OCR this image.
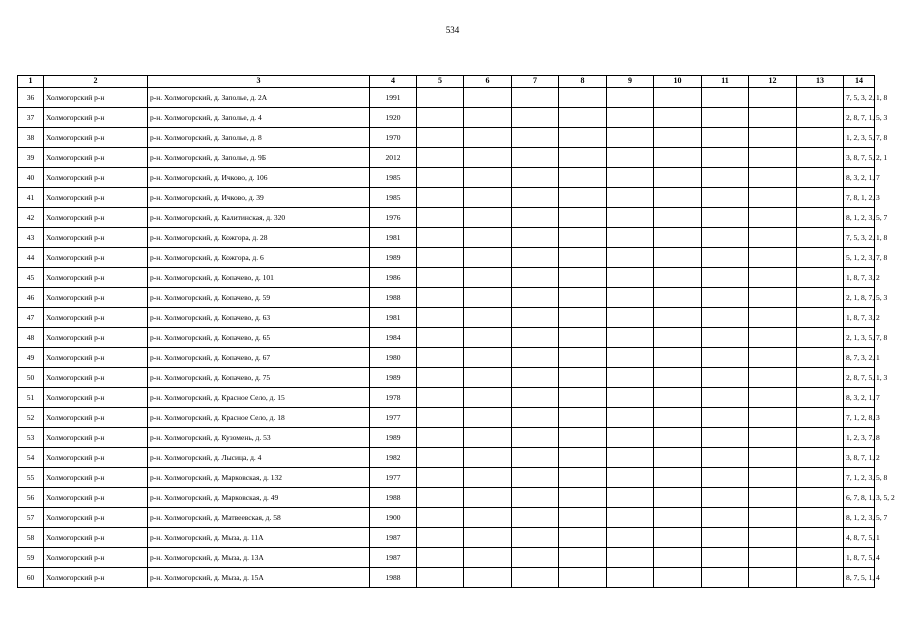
534
1	2	3	4	5	6	7	8	9	10	11	12	13	14
36	Холмогорский р-н	р-н. Холмогорский, д. Заполье, д. 2А	1991										7, 5, 3, 2, 1, 8
37	Холмогорский р-н	р-н. Холмогорский, д. Заполье, д. 4	1920										2, 8, 7, 1, 5, 3
38	Холмогорский р-н	р-н. Холмогорский, д. Заполье, д. 8	1970										1, 2, 3, 5, 7, 8
39	Холмогорский р-н	р-н. Холмогорский, д. Заполье, д. 9Б	2012										3, 8, 7, 5, 2, 1
40	Холмогорский р-н	р-н. Холмогорский, д. Ичково, д. 106	1985										8, 3, 2, 1, 7
41	Холмогорский р-н	р-н. Холмогорский, д. Ичково, д. 39	1985										7, 8, 1, 2, 3
42	Холмогорский р-н	р-н. Холмогорский, д. Калитинская, д. 320	1976										8, 1, 2, 3, 5, 7
43	Холмогорский р-н	р-н. Холмогорский, д. Кожгора, д. 28	1981										7, 5, 3, 2, 1, 8
44	Холмогорский р-н	р-н. Холмогорский, д. Кожгора, д. 6	1989										5, 1, 2, 3, 7, 8
45	Холмогорский р-н	р-н. Холмогорский, д. Копачево, д. 101	1986										1, 8, 7, 3, 2
46	Холмогорский р-н	р-н. Холмогорский, д. Копачево, д. 59	1988										2, 1, 8, 7, 5, 3
47	Холмогорский р-н	р-н. Холмогорский, д. Копачево, д. 63	1981										1, 8, 7, 3, 2
48	Холмогорский р-н	р-н. Холмогорский, д. Копачево, д. 65	1984										2, 1, 3, 5, 7, 8
49	Холмогорский р-н	р-н. Холмогорский, д. Копачево, д. 67	1980										8, 7, 3, 2, 1
50	Холмогорский р-н	р-н. Холмогорский, д. Копачево, д. 75	1989										2, 8, 7, 5, 1, 3
51	Холмогорский р-н	р-н. Холмогорский, д. Красное Село, д. 15	1978										8, 3, 2, 1, 7
52	Холмогорский р-н	р-н. Холмогорский, д. Красное Село, д. 18	1977										7, 1, 2, 8, 3
53	Холмогорский р-н	р-н. Холмогорский, д. Кузомень, д. 53	1989										1, 2, 3, 7, 8
54	Холмогорский р-н	р-н. Холмогорский, д. Лысица, д. 4	1982										3, 8, 7, 1, 2
55	Холмогорский р-н	р-н. Холмогорский, д. Марковская, д. 132	1977										7, 1, 2, 3, 5, 8
56	Холмогорский р-н	р-н. Холмогорский, д. Марковская, д. 49	1988										6, 7, 8, 1, 3, 5, 2
57	Холмогорский р-н	р-н. Холмогорский, д. Матвеевская, д. 58	1900										8, 1, 2, 3, 5, 7
58	Холмогорский р-н	р-н. Холмогорский, д. Мыза, д. 11А	1987										4, 8, 7, 5, 1
59	Холмогорский р-н	р-н. Холмогорский, д. Мыза, д. 13А	1987										1, 8, 7, 5, 4
60	Холмогорский р-н	р-н. Холмогорский, д. Мыза, д. 15А	1988										8, 7, 5, 1, 4
